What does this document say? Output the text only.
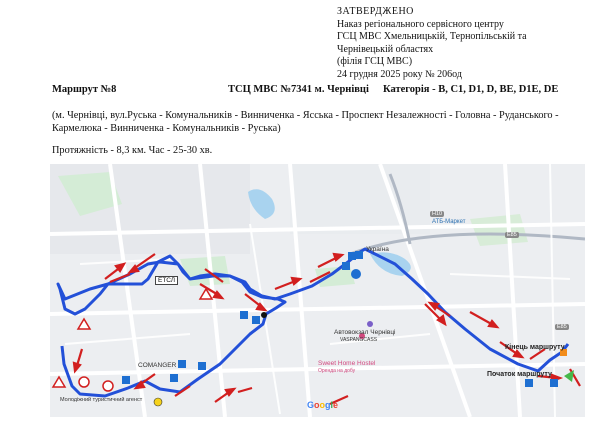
ЗАТВЕРДЖЕНО
Наказ регіонального сервісного центру
ГСЦ МВС Хмельницькій, Тернопільській та
Чернівецькій областях
(філія ГСЦ МВС)
24 грудня 2025 року № 206од
Маршрут №8	ТСЦ МВС №7341 м. Чернівці Категорія - B, C1, D1, D, BE, D1E, DE
(м. Чернівці, вул.Руська - Комунальників - Винниченка - Ясська - Проспект Незалежності - Головна - Руданського - Кармелюка - Винниченка - Комунальників - Руська)
Протяжність - 8,3 км. Час - 25-30 хв.
ЕТСЛ
COMANGER
Україна
АТБ-Маркет
Автовокзал Чернівці
VASPANGCASS
Sweet Home Hostel
Оренда на добу
Молодіжний туристичний агенст
Кінець маршруту
Початок маршруту
H10
E85
E85
Google
